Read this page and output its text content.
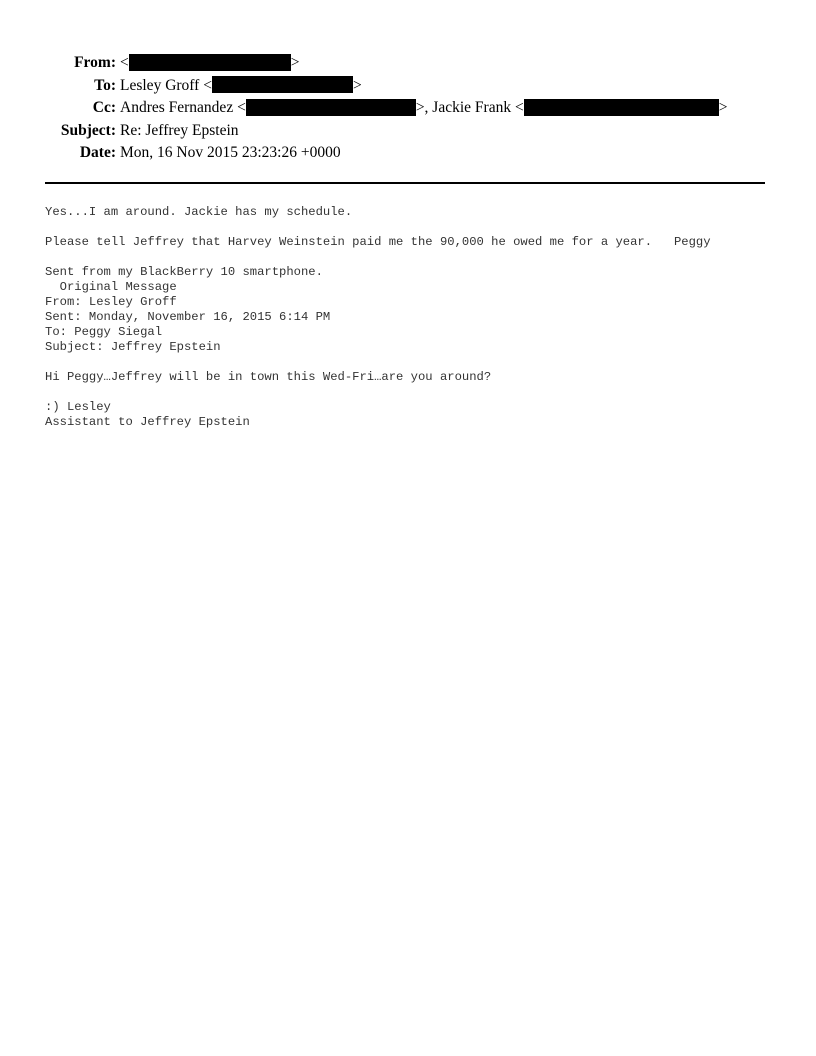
From: <	>
To: Lesley Groff <	>
Cc: Andres Fernandez <	>, Jackie Frank <	>
Subject: Re: Jeffrey Epstein
Date: Mon, 16 Nov 2015 23:23:26 +0000
Yes...I am around. Jackie has my schedule.
Please tell Jeffrey that Harvey Weinstein paid me the 90,000 he owed me for a year.   Peggy
Sent from my BlackBerry 10 smartphone.
Original Message
From: Lesley Groff
Sent: Monday, November 16, 2015 6:14 PM
To: Peggy Siegal
Subject: Jeffrey Epstein
Hi Peggy…Jeffrey will be in town this Wed-Fri…are you around?
:) Lesley
Assistant to Jeffrey Epstein
